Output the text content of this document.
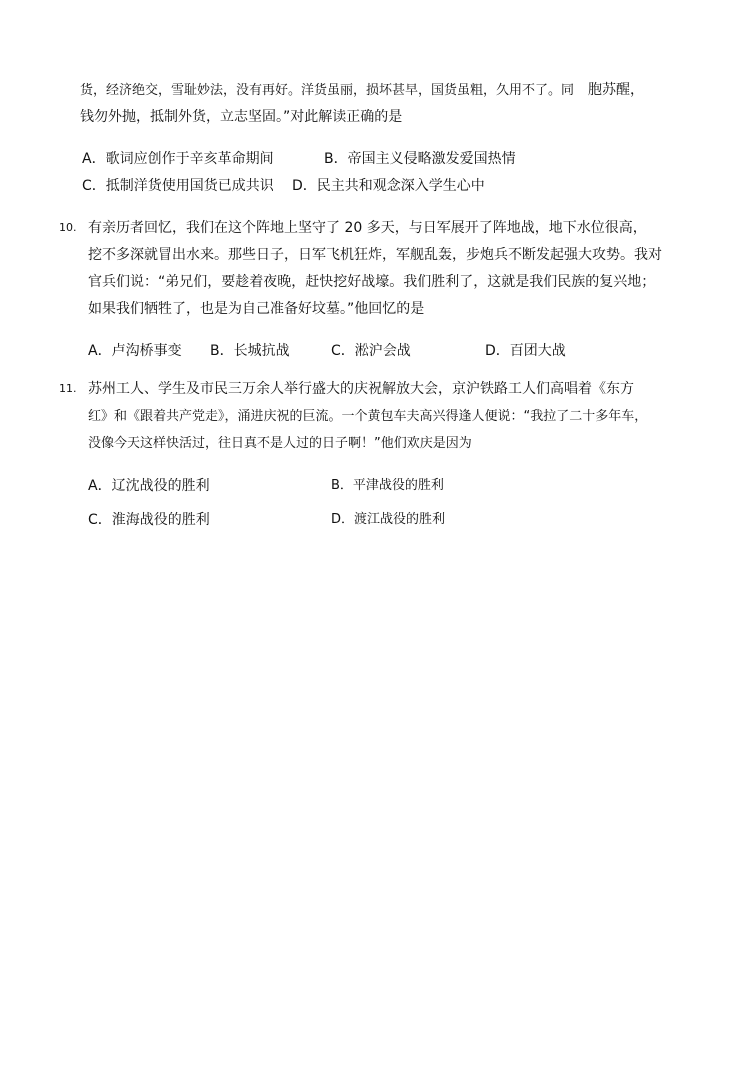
货，经济绝交，雪耻妙法，没有再好。洋货虽丽，损坏甚早，国货虽粗，久用不了。同 胞苏醒，
钱勿外抛，抵制外货，立志坚固。”对此解读正确的是
A．歌词应创作于辛亥革命期间	B．帝国主义侵略激发爱国热情
C．抵制洋货使用国货已成共识 D．民主共和观念深入学生心中
10. 有亲历者回忆，我们在这个阵地上坚守了 20 多天，与日军展开了阵地战，地下水位很高，
挖不多深就冒出水来。那些日子，日军飞机狂炸，军舰乱轰，步炮兵不断发起强大攻势。我对
官兵们说：“弟兄们，要趁着夜晚，赶快挖好战壕。我们胜利了，这就是我们民族的复兴地；
如果我们牺牲了，也是为自己准备好坟墓。”他回忆的是
A．卢沟桥事变 B．长城抗战	C．淞沪会战	D．百团大战
11. 苏州工人、学生及市民三万余人举行盛大的庆祝解放大会，京沪铁路工人们高唱着《东方
红》和《跟着共产党走》，涌进庆祝的巨流。一个黄包车夫高兴得逢人便说：“我拉了二十多年车，
没像今天这样快活过，往日真不是人过的日子啊！”他们欢庆是因为
A．辽沈战役的胜利	B．平津战役的胜利
C．淮海战役的胜利	D．渡江战役的胜利
